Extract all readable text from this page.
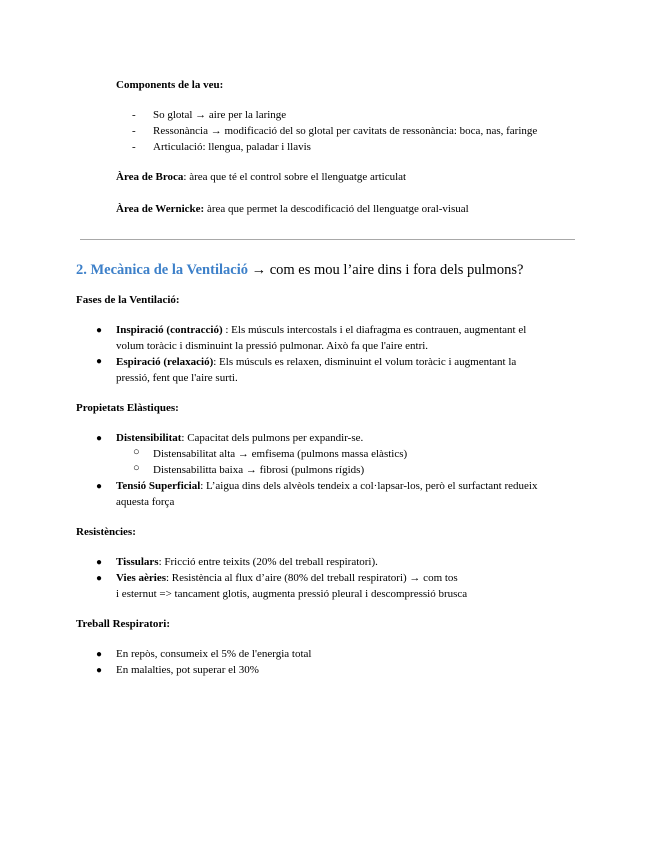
Components de la veu:
- So glotal → aire per la laringe
- Ressonància → modificació del so glotal per cavitats de ressonància: boca, nas, faringe
- Articulació: llengua, paladar i llavis
Àrea de Broca: àrea que té el control sobre el llenguatge articulat
Àrea de Wernicke: àrea que permet la descodificació del llenguatge oral-visual
2. Mecànica de la Ventilació → com es mou l’aire dins i fora dels pulmons?
Fases de la Ventilació:
● Inspiració (contracció) : Els músculs intercostals i el diafragma es contrauen, augmentant el
volum toràcic i disminuint la pressió pulmonar. Això fa que l'aire entri.
● Espiració (relaxació): Els músculs es relaxen, disminuint el volum toràcic i augmentant la
pressió, fent que l'aire surti.
Propietats Elàstiques:
● Distensibilitat: Capacitat dels pulmons per expandir-se.
○ Distensabilitat alta → emfisema (pulmons massa elàstics)
○ Distensabilitta baixa → fibrosi (pulmons rígids)
● Tensió Superficial: L’aigua dins dels alvèols tendeix a col·lapsar-los, però el surfactant redueix
aquesta força
Resistències:
● Tissulars: Fricció entre teixits (20% del treball respiratori).
● Vies aèries: Resistència al flux d’aire (80% del treball respiratori) → com tos
i esternut => tancament glotis, augmenta pressió pleural i descompressió brusca
Treball Respiratori:
● En repòs, consumeix el 5% de l'energia total
● En malalties, pot superar el 30%
